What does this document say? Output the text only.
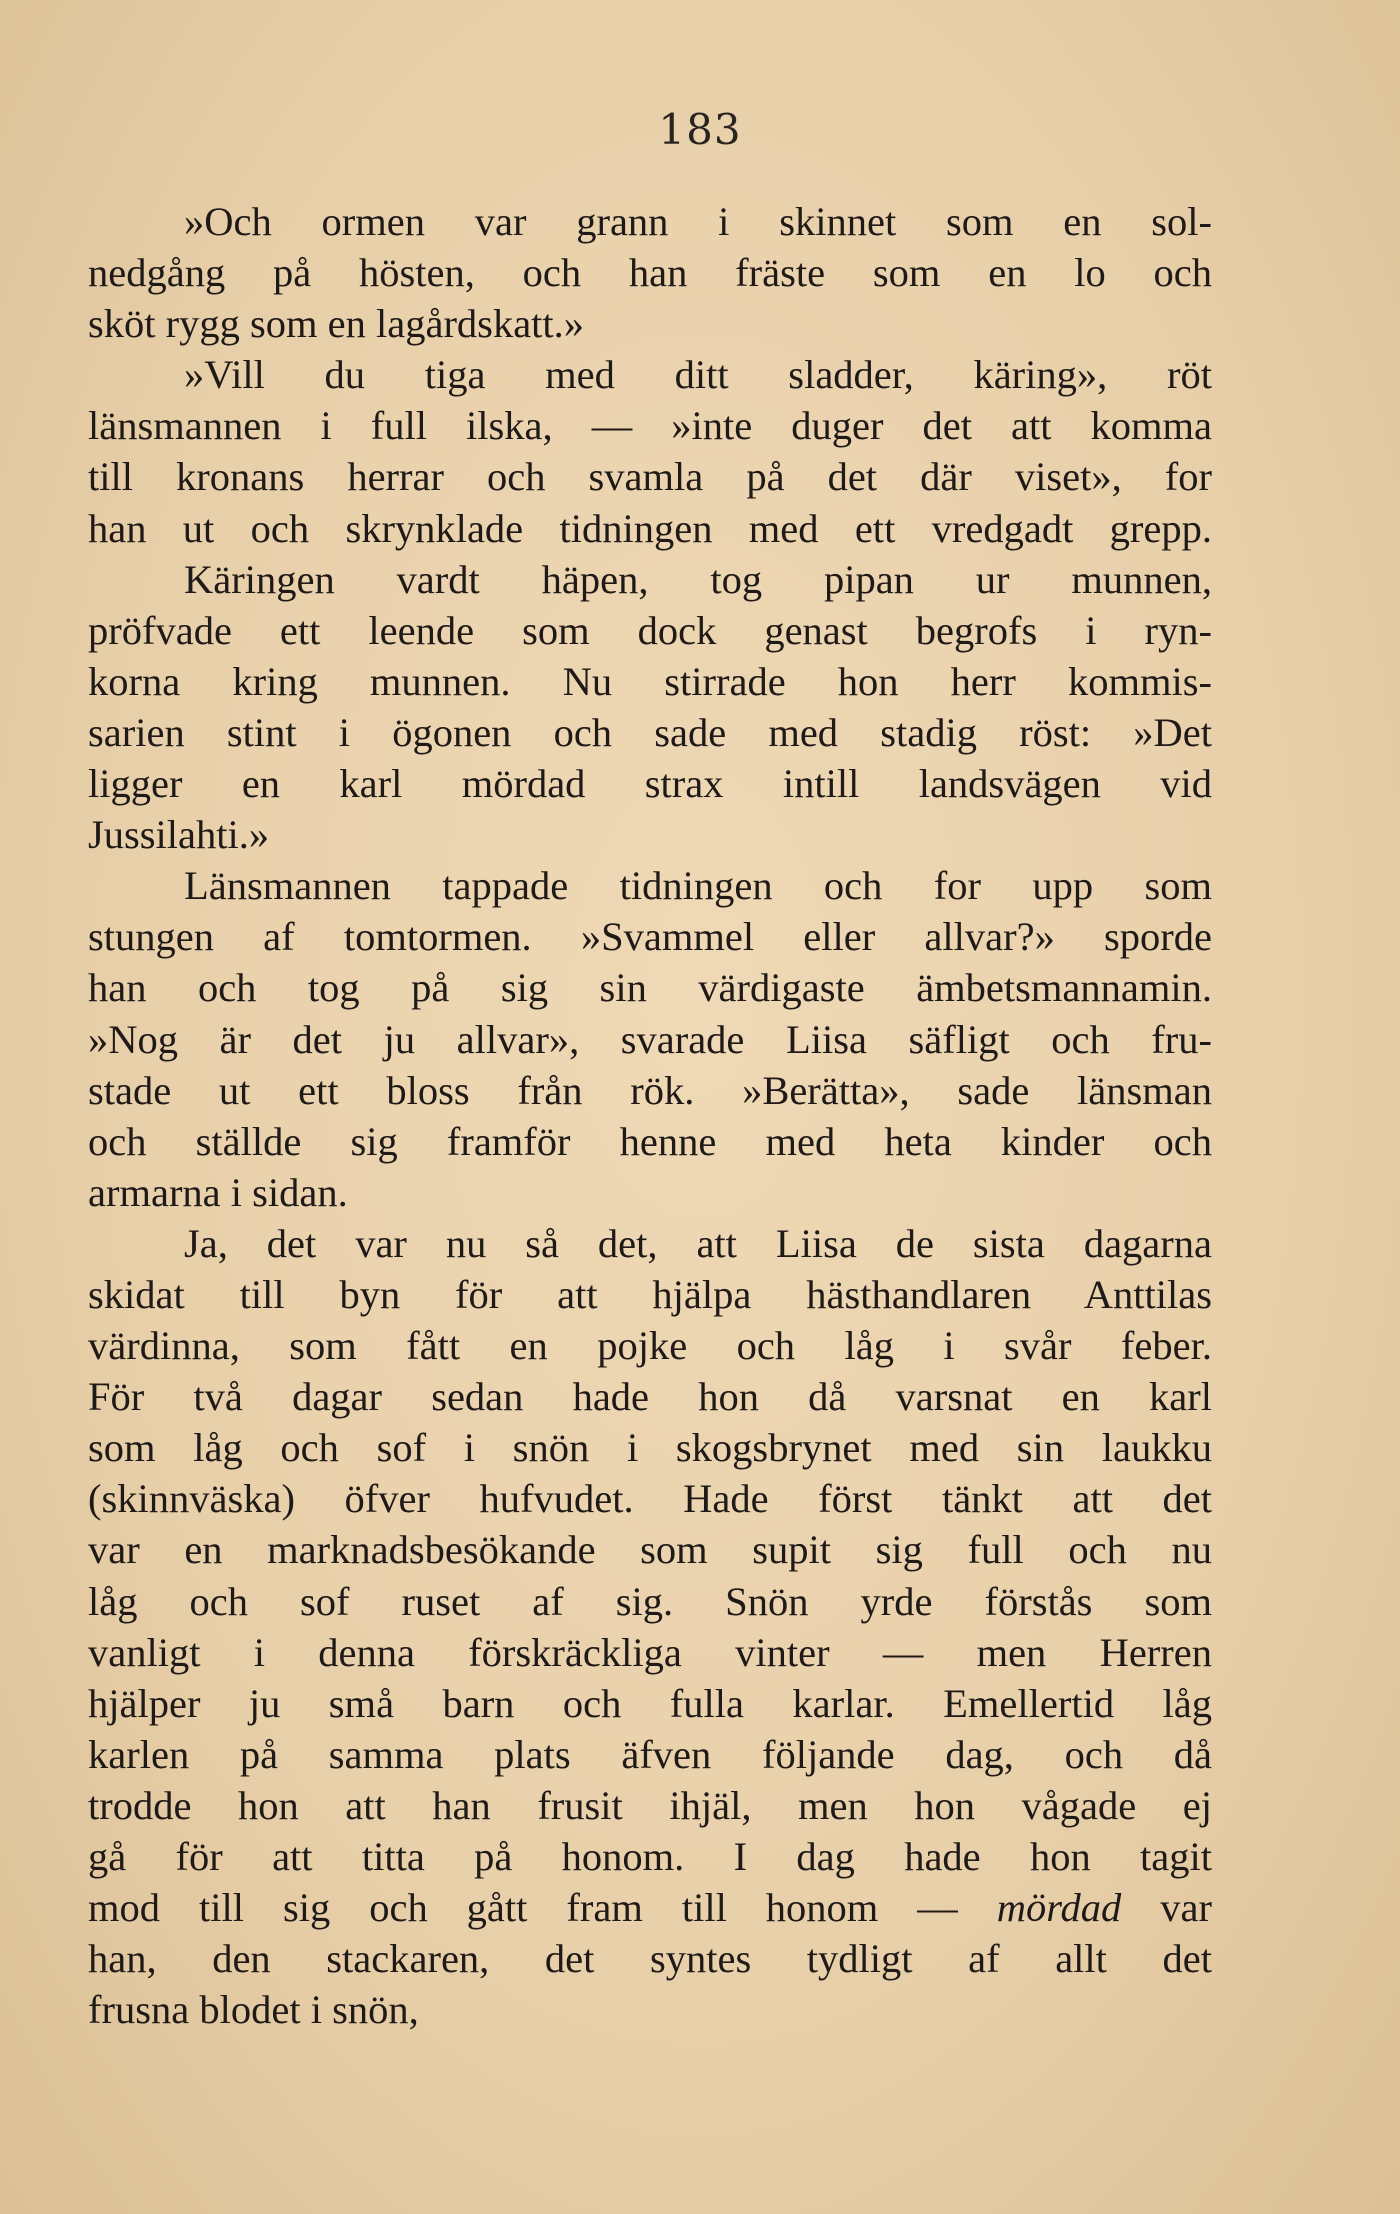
183
»Och ormen var grann i skinnet som en sol-
nedgång på hösten, och han fräste som en lo och
sköt rygg som en lagårdskatt.»
»Vill du tiga med ditt sladder, käring», röt
länsmannen i full ilska, — »inte duger det att komma
till kronans herrar och svamla på det där viset», for
han ut och skrynklade tidningen med ett vredgadt grepp.
Käringen vardt häpen, tog pipan ur munnen,
pröfvade ett leende som dock genast begrofs i ryn-
korna kring munnen. Nu stirrade hon herr kommis-
sarien stint i ögonen och sade med stadig röst: »Det
ligger en karl mördad strax intill landsvägen vid
Jussilahti.»
Länsmannen tappade tidningen och for upp som
stungen af tomtormen. »Svammel eller allvar?» sporde
han och tog på sig sin värdigaste ämbetsmannamin.
»Nog är det ju allvar», svarade Liisa säfligt och fru-
stade ut ett bloss från rök. »Berätta», sade länsman
och ställde sig framför henne med heta kinder och
armarna i sidan.
Ja, det var nu så det, att Liisa de sista dagarna
skidat till byn för att hjälpa hästhandlaren Anttilas
värdinna, som fått en pojke och låg i svår feber.
För två dagar sedan hade hon då varsnat en karl
som låg och sof i snön i skogsbrynet med sin laukku
(skinnväska) öfver hufvudet. Hade först tänkt att det
var en marknadsbesökande som supit sig full och nu
låg och sof ruset af sig. Snön yrde förstås som
vanligt i denna förskräckliga vinter — men Herren
hjälper ju små barn och fulla karlar. Emellertid låg
karlen på samma plats äfven följande dag, och då
trodde hon att han frusit ihjäl, men hon vågade ej
gå för att titta på honom. I dag hade hon tagit
mod till sig och gått fram till honom — mördad var
han, den stackaren, det syntes tydligt af allt det
frusna blodet i snön,
